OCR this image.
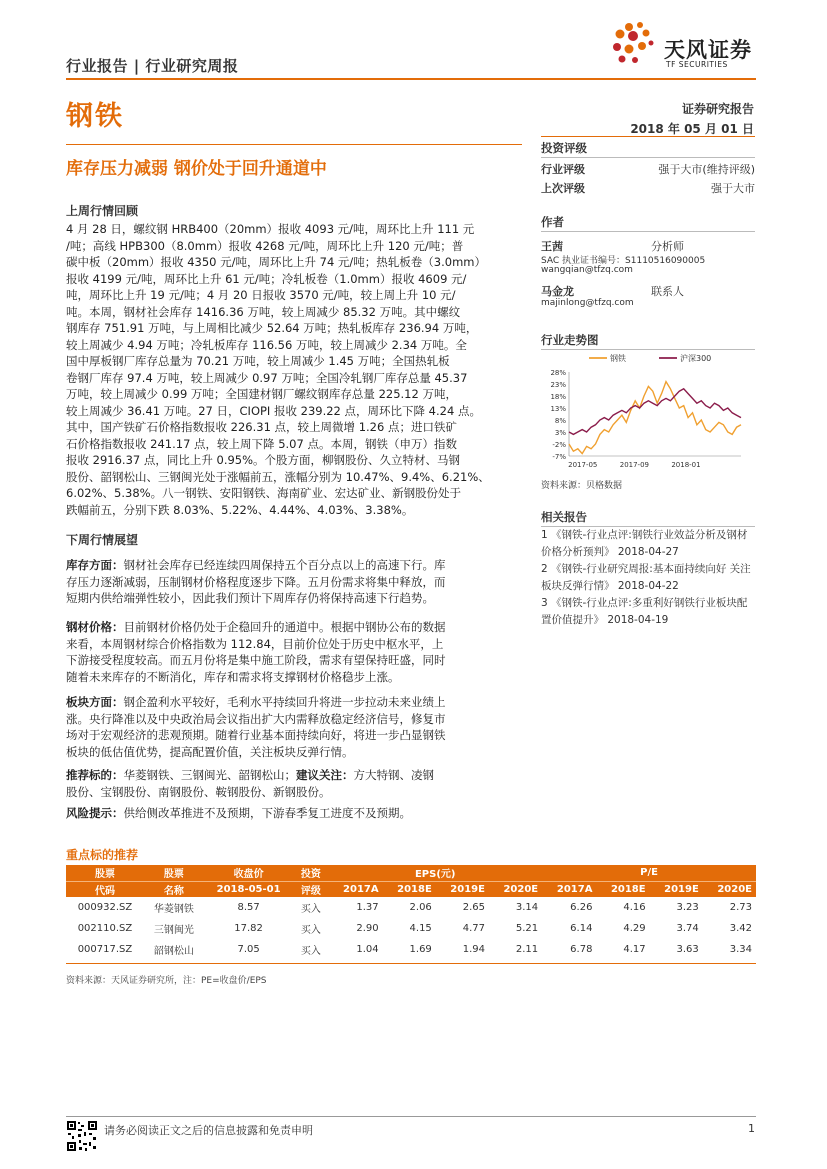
行业报告 | 行业研究周报
天风证券
TF SECURITIES
钢铁	证券研究报告
2018 年 05 月 01 日
库存压力减弱 钢价处于回升通道中
上周行情回顾
4 月 28 日，螺纹钢 HRB400（20mm）报收 4093 元/吨，周环比上升 111 元
/吨；高线 HPB300（8.0mm）报收 4268 元/吨，周环比上升 120 元/吨；普
碳中板（20mm）报收 4350 元/吨，周环比上升 74 元/吨；热轧板卷（3.0mm）
报收 4199 元/吨，周环比上升 61 元/吨；冷轧板卷（1.0mm）报收 4609 元/
吨，周环比上升 19 元/吨；4 月 20 日报收 3570 元/吨，较上周上升 10 元/
吨。本周，钢材社会库存 1416.36 万吨，较上周减少 85.32 万吨。其中螺纹
钢库存 751.91 万吨，与上周相比减少 52.64 万吨；热轧板库存 236.94 万吨，
较上周减少 4.94 万吨；冷轧板库存 116.56 万吨，较上周减少 2.34 万吨。全
国中厚板钢厂库存总量为 70.21 万吨，较上周减少 1.45 万吨；全国热轧板
卷钢厂库存 97.4 万吨，较上周减少 0.97 万吨；全国冷轧钢厂库存总量 45.37
万吨，较上周减少 0.99 万吨；全国建材钢厂螺纹钢库存总量 225.12 万吨，
较上周减少 36.41 万吨。27 日，CIOPI 报收 239.22 点，周环比下降 4.24 点。
其中，国产铁矿石价格指数报收 226.31 点，较上周微增 1.26 点；进口铁矿
石价格指数报收 241.17 点，较上周下降 5.07 点。本周，钢铁（申万）指数
报收 2916.37 点，同比上升 0.95%。个股方面，柳钢股份、久立特材、马钢
股份、韶钢松山、三钢闽光处于涨幅前五，涨幅分别为 10.47%、9.4%、6.21%、
6.02%、5.38%。八一钢铁、安阳钢铁、海南矿业、宏达矿业、新钢股份处于
跌幅前五，分别下跌 8.03%、5.22%、4.44%、4.03%、3.38%。
下周行情展望
库存方面：钢材社会库存已经连续四周保持五个百分点以上的高速下行。库
存压力逐渐减弱，压制钢材价格程度逐步下降。五月份需求将集中释放，而
短期内供给端弹性较小，因此我们预计下周库存仍将保持高速下行趋势。
钢材价格：目前钢材价格仍处于企稳回升的通道中。根据中钢协公布的数据
来看，本周钢材综合价格指数为 112.84，目前价位处于历史中枢水平，上
下游接受程度较高。而五月份将是集中施工阶段，需求有望保持旺盛，同时
随着未来库存的不断消化，库存和需求将支撑钢材价格稳步上涨。
板块方面：钢企盈利水平较好，毛利水平持续回升将进一步拉动未来业绩上
涨。央行降准以及中央政治局会议指出扩大内需释放稳定经济信号，修复市
场对于宏观经济的悲观预期。随着行业基本面持续向好，将进一步凸显钢铁
板块的低估值优势，提高配置价值，关注板块反弹行情。
推荐标的：华菱钢铁、三钢闽光、韶钢松山；建议关注：方大特钢、凌钢
股份、宝钢股份、南钢股份、鞍钢股份、新钢股份。
风险提示：供给侧改革推进不及预期，下游春季复工进度不及预期。
投资评级
行业评级	强于大市(维持评级)
上次评级	强于大市
作者
王茜	分析师
SAC 执业证书编号：S1110516090005
wangqian@tfzq.com
马金龙	联系人
majinlong@tfzq.com
行业走势图
28%
23%
18%
13%
8%
3%
-2%
-7%
2017-05	2017-09	2018-01
钢铁	沪深300
资料来源：贝格数据
相关报告
1 《钢铁-行业点评:钢铁行业效益分析及钢材价格分析预判》 2018-04-27
2 《钢铁-行业研究周报:基本面持续向好 关注板块反弹行情》 2018-04-22
3 《钢铁-行业点评:多重利好钢铁行业板块配置价值提升》 2018-04-19
重点标的推荐
股票	股票	收盘价	投资	EPS(元)				P/E			
代码	名称	2018-05-01	评级	2017A	2018E	2019E	2020E	2017A	2018E	2019E	2020E
000932.SZ	华菱钢铁	8.57	买入	1.37	2.06	2.65	3.14	6.26	4.16	3.23	2.73
002110.SZ	三钢闽光	17.82	买入	2.90	4.15	4.77	5.21	6.14	4.29	3.74	3.42
000717.SZ	韶钢松山	7.05	买入	1.04	1.69	1.94	2.11	6.78	4.17	3.63	3.34
资料来源：天风证券研究所，注：PE=收盘价/EPS
请务必阅读正文之后的信息披露和免责申明	1
